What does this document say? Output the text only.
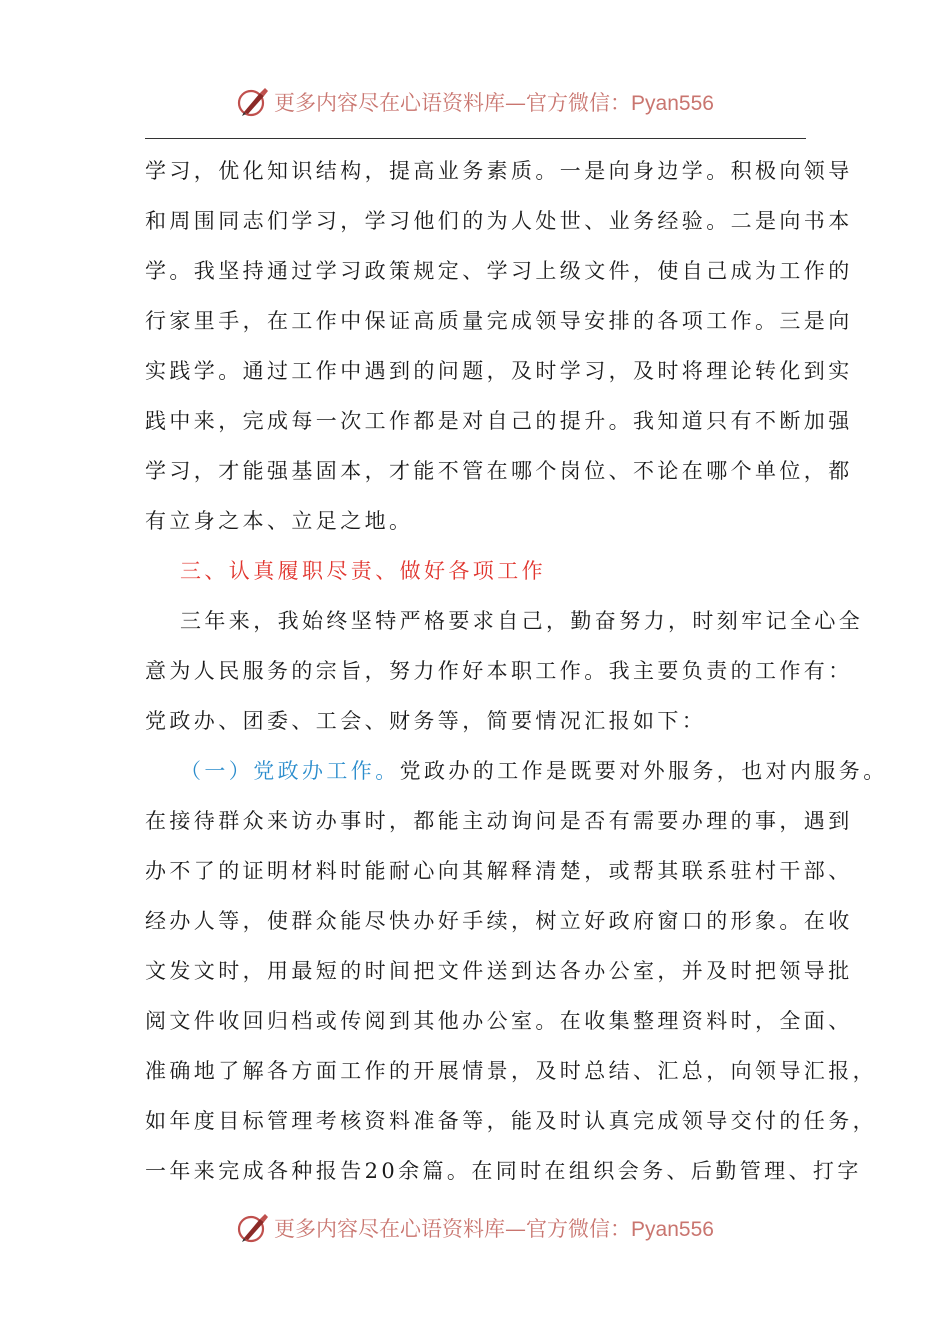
更多内容尽在心语资料库—官方微信：Pyan556
学习，优化知识结构，提高业务素质。一是向身边学。积极向领导
和周围同志们学习，学习他们的为人处世、业务经验。二是向书本
学。我坚持通过学习政策规定、学习上级文件，使自己成为工作的
行家里手，在工作中保证高质量完成领导安排的各项工作。三是向
实践学。通过工作中遇到的问题，及时学习，及时将理论转化到实
践中来，完成每一次工作都是对自己的提升。我知道只有不断加强
学习，才能强基固本，才能不管在哪个岗位、不论在哪个单位，都
有立身之本、立足之地。
三、认真履职尽责、做好各项工作
三年来，我始终坚特严格要求自己，勤奋努力，时刻牢记全心全
意为人民服务的宗旨，努力作好本职工作。我主要负责的工作有：
党政办、团委、工会、财务等，简要情况汇报如下：
（一）党政办工作。党政办的工作是既要对外服务，也对内服务。
在接待群众来访办事时，都能主动询问是否有需要办理的事，遇到
办不了的证明材料时能耐心向其解释清楚，或帮其联系驻村干部、
经办人等，使群众能尽快办好手续，树立好政府窗口的形象。在收
文发文时，用最短的时间把文件送到达各办公室，并及时把领导批
阅文件收回归档或传阅到其他办公室。在收集整理资料时，全面、
准确地了解各方面工作的开展情景，及时总结、汇总，向领导汇报，
如年度目标管理考核资料准备等，能及时认真完成领导交付的任务，
一年来完成各种报告20余篇。在同时在组织会务、后勤管理、打字
更多内容尽在心语资料库—官方微信：Pyan556
